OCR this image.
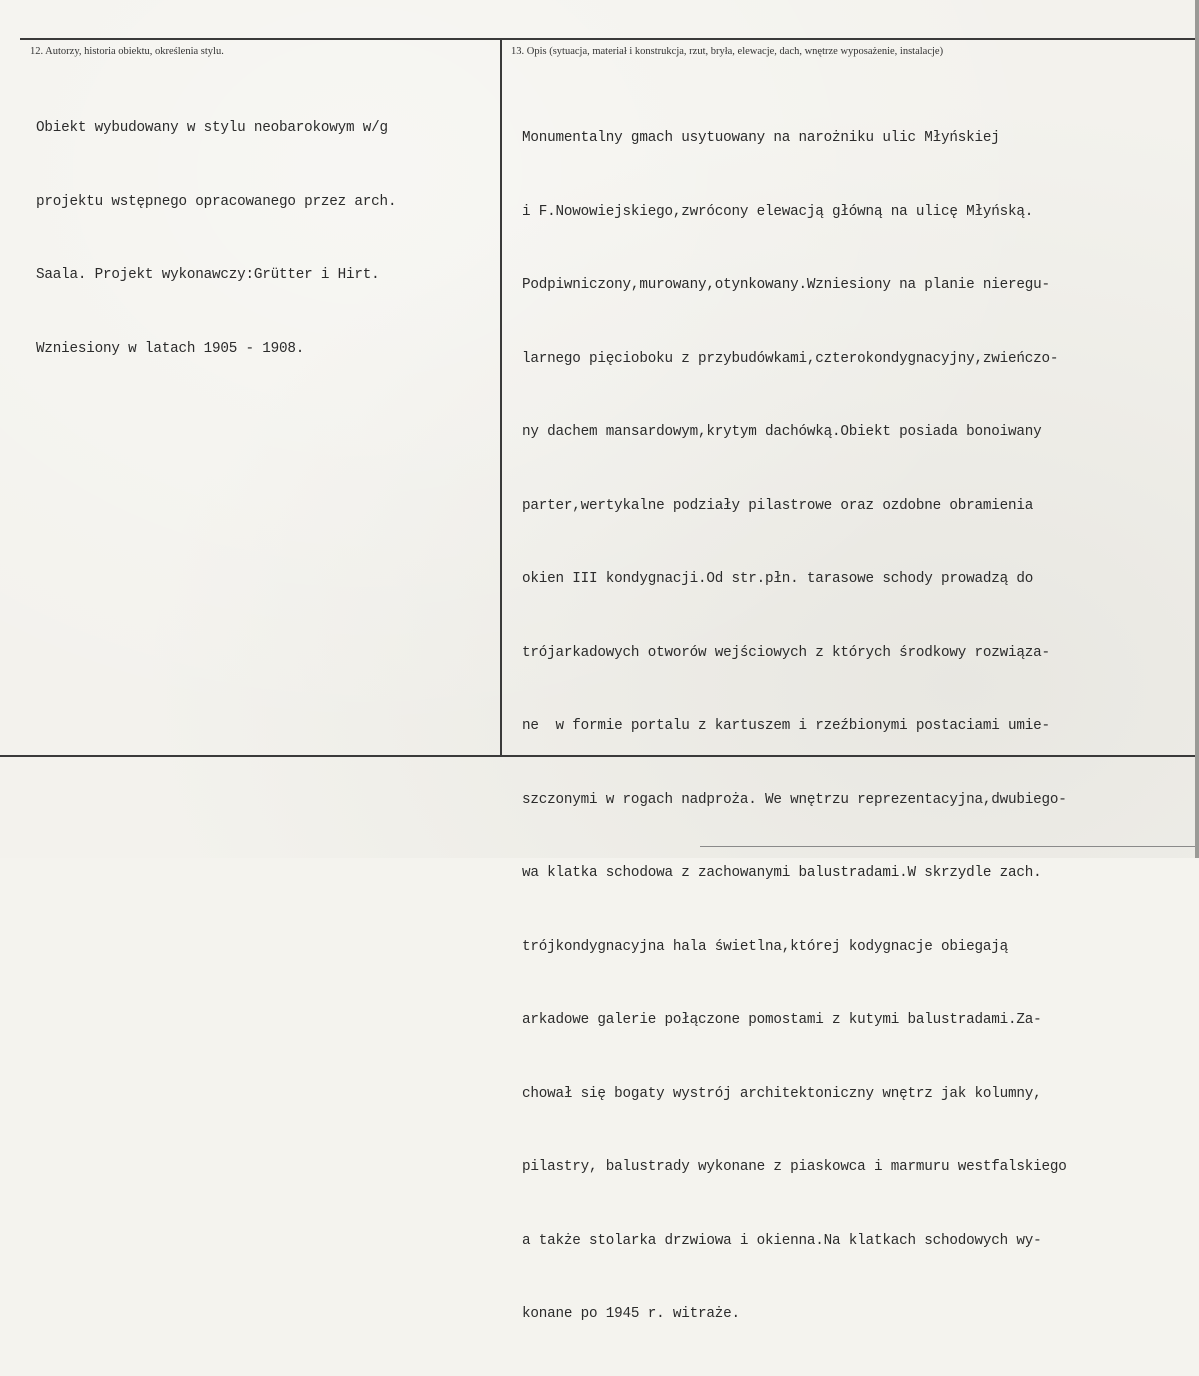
12. Autorzy, historia obiektu, określenia stylu.

Obiekt wybudowany w stylu neobarokowym w/g

projektu wstępnego opracowanego przez arch.

Saala. Projekt wykonawczy:Grütter i Hirt.

Wzniesiony w latach 1905 - 1908.

13. Opis (sytuacja, materiał i konstrukcja, rzut, bryła, elewacje, dach, wnętrze wyposażenie, instalacje)

Monumentalny gmach usytuowany na narożniku ulic Młyńskiej

i F.Nowowiejskiego,zwrócony elewacją główną na ulicę Młyńską.

Podpiwniczony,murowany,otynkowany.Wzniesiony na planie nieregu-

larnego pięcioboku z przybudówkami,czterokondygnacyjny,zwieńczo-

ny dachem mansardowym,krytym dachówką.Obiekt posiada bonoiwany

parter,wertykalne podziały pilastrowe oraz ozdobne obramienia

okien III kondygnacji.Od str.płn. tarasowe schody prowadzą do

trójarkadowych otworów wejściowych z których środkowy rozwiąza-

ne  w formie portalu z kartuszem i rzeźbionymi postaciami umie-

szczonymi w rogach nadproża. We wnętrzu reprezentacyjna,dwubiego-

wa klatka schodowa z zachowanymi balustradami.W skrzydle zach.

trójkondygnacyjna hala świetlna,której kodygnacje obiegają

arkadowe galerie połączone pomostami z kutymi balustradami.Za-

chował się bogaty wystrój architektoniczny wnętrz jak kolumny,

pilastry, balustrady wykonane z piaskowca i marmuru westfalskiego

a także stolarka drzwiowa i okienna.Na klatkach schodowych wy-

konane po 1945 r. witraże.
